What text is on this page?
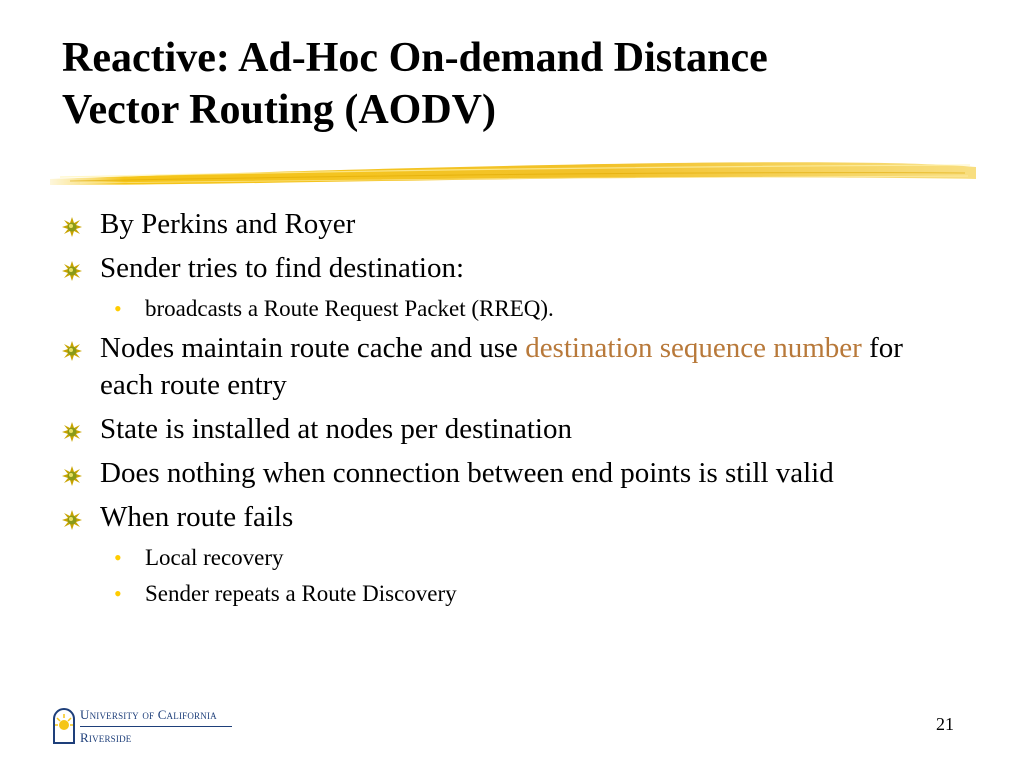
Reactive: Ad-Hoc On-demand Distance
Vector Routing (AODV)
By Perkins and Royer
Sender tries to find destination:
• broadcasts a Route Request Packet (RREQ).
Nodes maintain route cache and use destination sequence number for each route entry
State is installed at nodes per destination
Does nothing when connection between end points is still valid
When route fails
• Local recovery
• Sender repeats a Route Discovery
University of California
Riverside
21
